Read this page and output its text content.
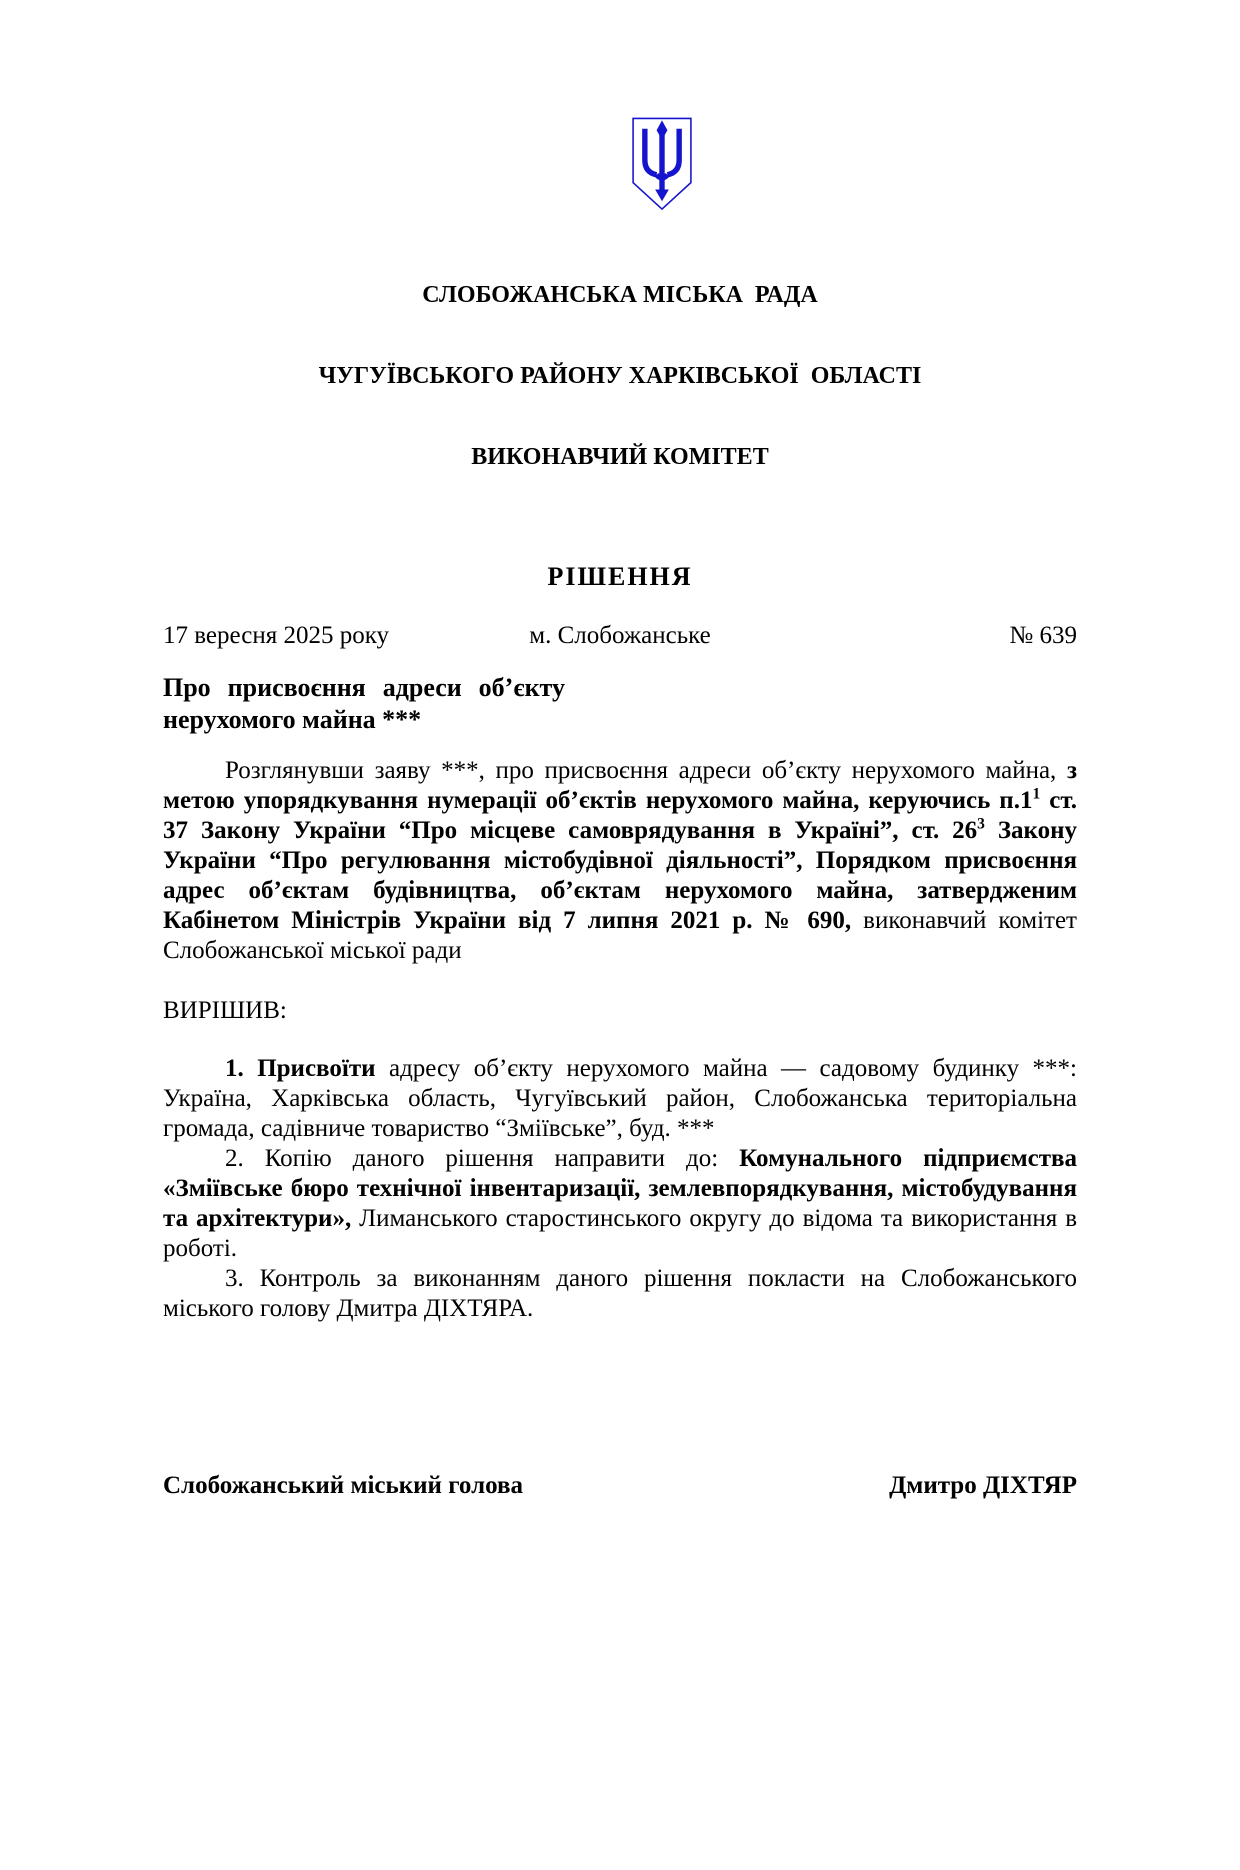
СЛОБОЖАНСЬКА МІСЬКА  РАДА

ЧУГУЇВСЬКОГО РАЙОНУ ХАРКІВСЬКОЇ  ОБЛАСТІ

ВИКОНАВЧИЙ КОМІТЕТ

РІШЕННЯ
17 вересня 2025 року	м. Слобожанське	№ 639
Про присвоєння адреси об’єкту
нерухомого майна ***

Розглянувши заяву ***, про присвоєння адреси об’єкту нерухомого майна, з метою упорядкування нумерації об’єктів нерухомого майна, керуючись $п.1^1$ ст. 37 Закону України “Про місцеве самоврядування в Україні”, ст. $26^3$ Закону України “Про регулювання містобудівної діяльності”, Порядком присвоєння адрес об’єктам будівництва, об’єктам нерухомого майна, затвердженим Кабінетом Міністрів України від 7 липня 2021 р. № 690, виконавчий комітет Слобожанської міської ради

ВИРІШИВ:

1. Присвоїти адресу об’єкту нерухомого майна — садовому будинку ***: Україна, Харківська область, Чугуївський район, Слобожанська територіальна громада, садівниче товариство “Зміївське”, буд. ***

2. Копію даного рішення направити до: Комунального підприємства «Зміївське бюро технічної інвентаризації, землевпорядкування, містобудування та архітектури», Лиманського старостинського округу до відома та використання в роботі.

3. Контроль за виконанням даного рішення покласти на Слобожанського міського голову Дмитра ДІХТЯРА.

Слобожанський міський голова	Дмитро ДІХТЯР
